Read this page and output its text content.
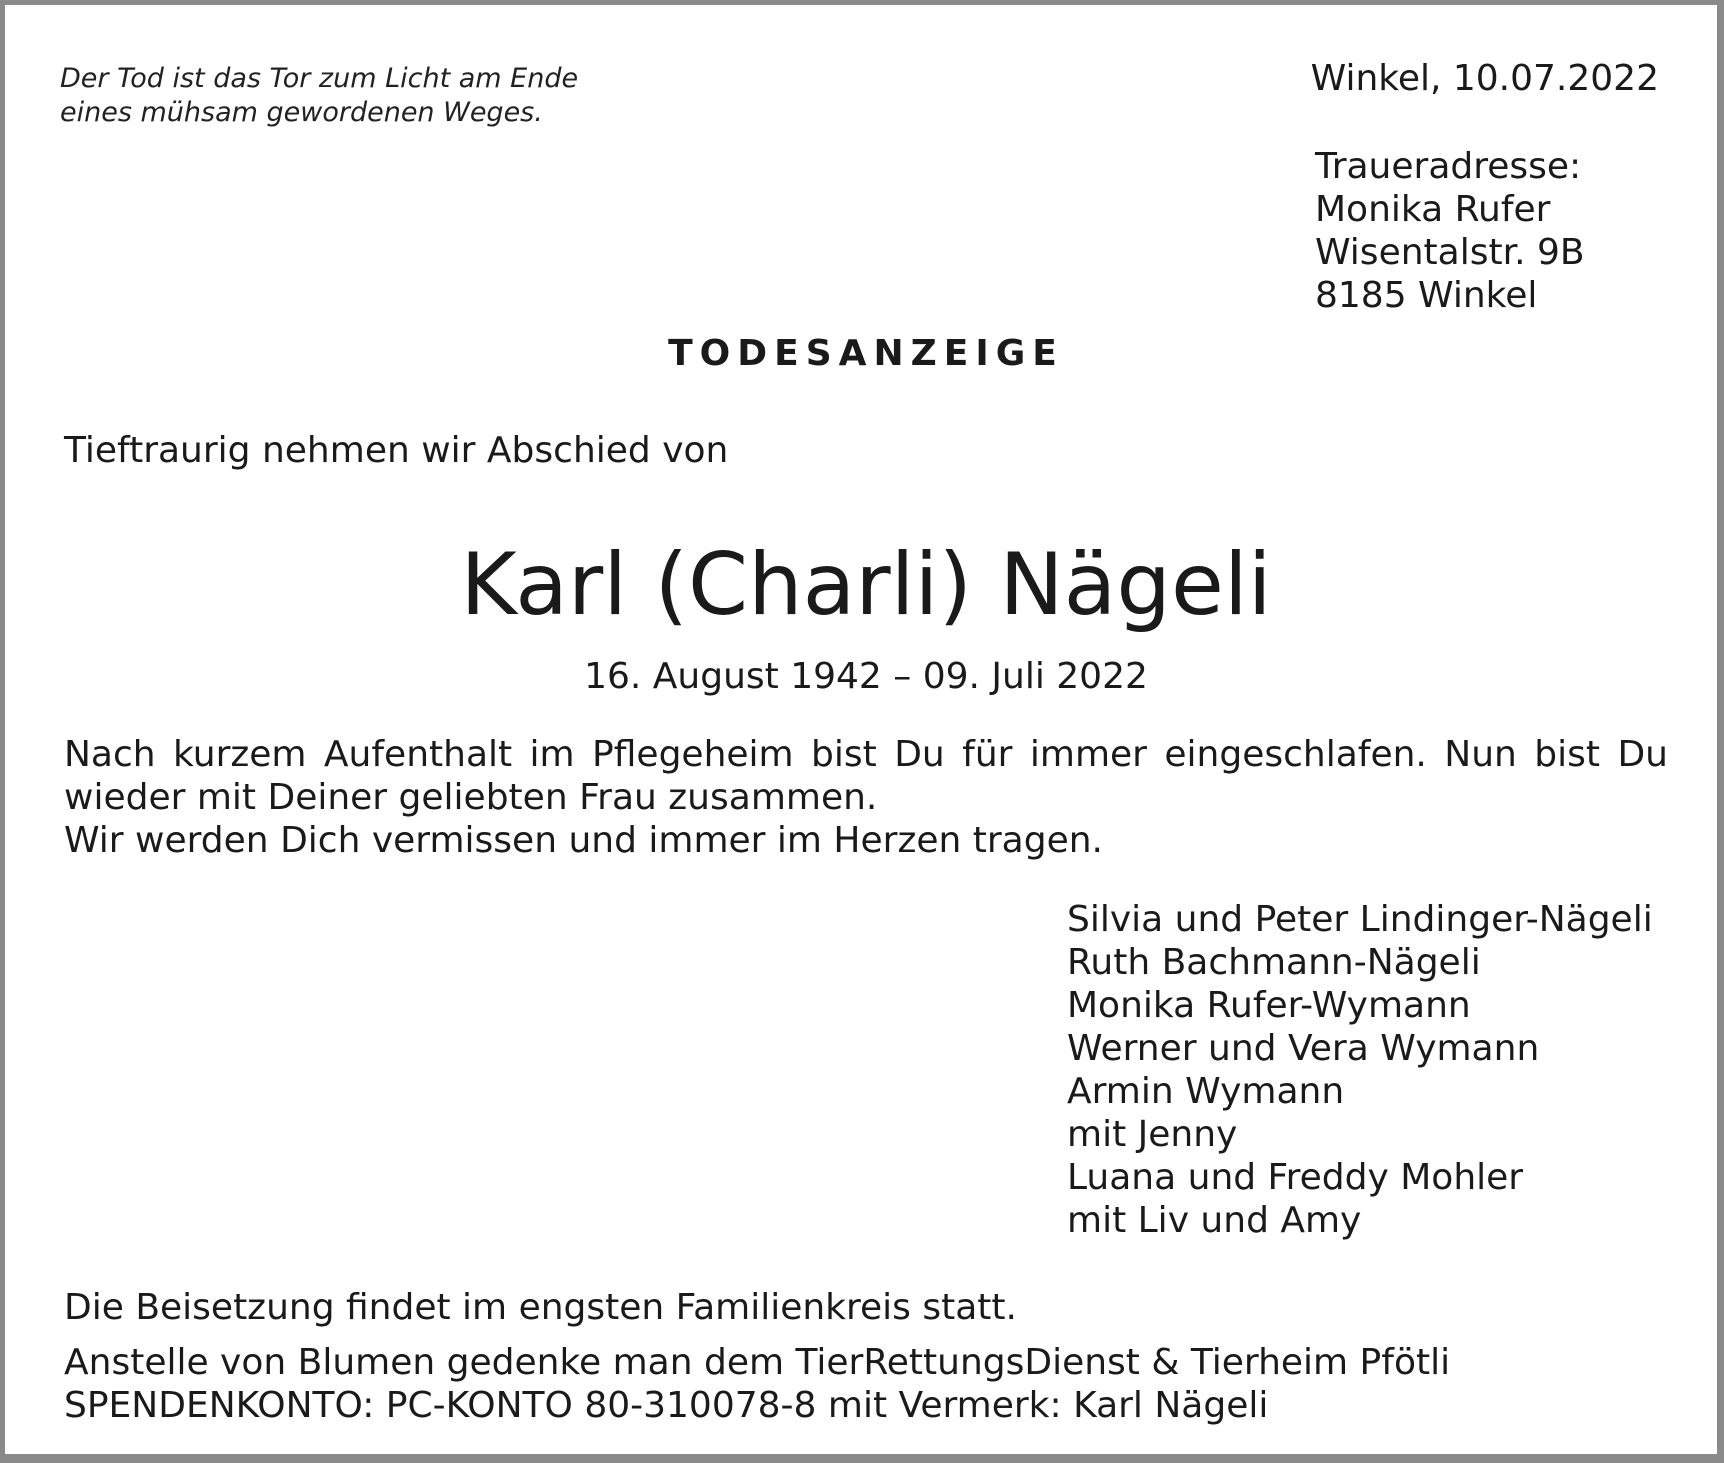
Der Tod ist das Tor zum Licht am Ende
eines mühsam gewordenen Weges.
Winkel, 10.07.2022
Traueradresse:
Monika Rufer
Wisentalstr. 9B
8185 Winkel
TODESANZEIGE
Tieftraurig nehmen wir Abschied von
Karl (Charli) Nägeli
16. August 1942 – 09. Juli 2022
Nach kurzem Aufenthalt im Pflegeheim bist Du für immer eingeschlafen. Nun bist Du
wieder mit Deiner geliebten Frau zusammen.
Wir werden Dich vermissen und immer im Herzen tragen.
Silvia und Peter Lindinger-Nägeli
Ruth Bachmann-Nägeli
Monika Rufer-Wymann
Werner und Vera Wymann
Armin Wymann
mit Jenny
Luana und Freddy Mohler
mit Liv und Amy
Die Beisetzung findet im engsten Familienkreis statt.
Anstelle von Blumen gedenke man dem TierRettungsDienst & Tierheim Pfötli
SPENDENKONTO: PC-KONTO 80-310078-8 mit Vermerk: Karl Nägeli
